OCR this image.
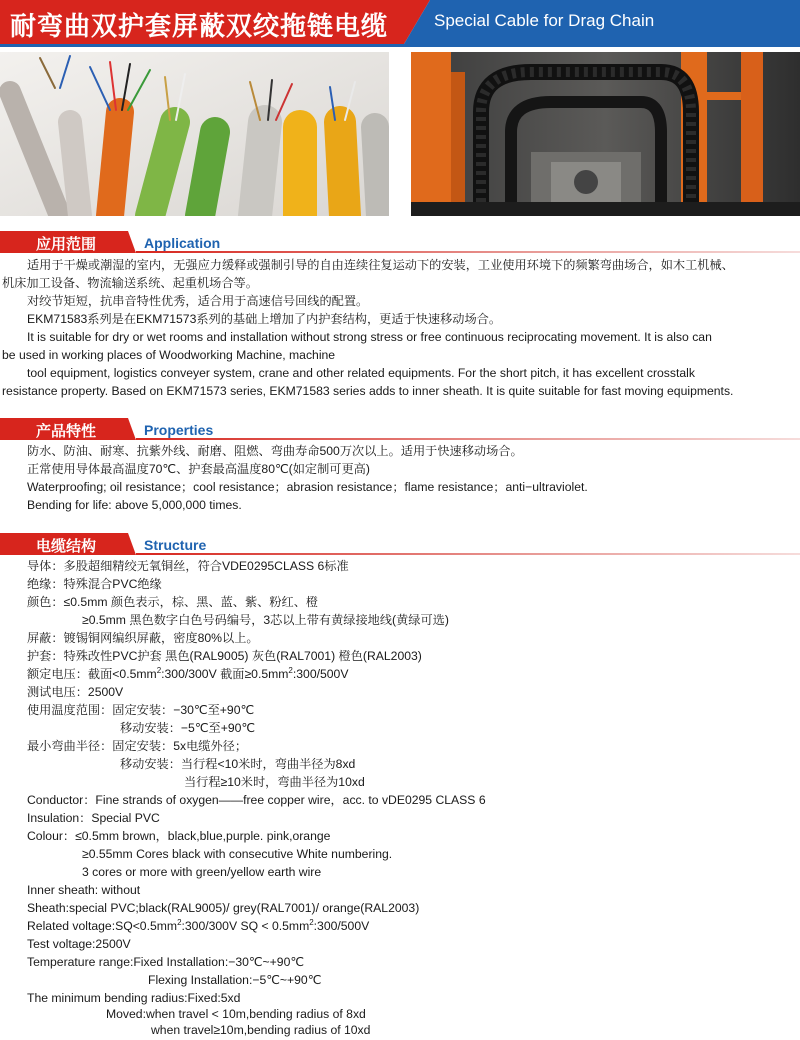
耐弯曲双护套屏蔽双绞拖链电缆	Special Cable for Drag Chain
应用范围	Application
适用于干燥或潮湿的室内，无强应力缓释或强制引导的自由连续往复运动下的安装，工业使用环境下的频繁弯曲场合，如木工机械、
机床加工设备、物流输送系统、起重机场合等。
对绞节矩短，抗串音特性优秀，适合用于高速信号回线的配置。
EKM71583系列是在EKM71573系列的基础上增加了内护套结构，更适于快速移动场合。
It is suitable for dry or wet rooms and installation without strong stress or free continuous reciprocating movement. It is also can
be used in working places of Woodworking Machine, machine
tool equipment, logistics conveyer system, crane and other related equipments. For the short pitch, it has excellent crosstalk
resistance property. Based on EKM71573 series, EKM71583 series adds to inner sheath. It is quite suitable for fast moving equipments.
产品特性	Properties
防水、防油、耐寒、抗紫外线、耐磨、阻燃、弯曲寿命500万次以上。适用于快速移动场合。
正常使用导体最高温度70℃、护套最高温度80℃(如定制可更高)
Waterproofing; oil resistance；cool resistance；abrasion resistance；flame resistance；anti−ultraviolet.
Bending for life: above 5,000,000 times.
电缆结构	Structure
导体：多股超细精绞无氧铜丝，符合VDE0295CLASS 6标准
绝缘：特殊混合PVC绝缘
颜色：≤0.5mm 颜色表示，棕、黑、蓝、紫、粉红、橙
≥0.5mm 黑色数字白色号码编号，3芯以上带有黄绿接地线(黄绿可选)
屏蔽：镀锡铜网编织屏蔽，密度80%以上。
护套：特殊改性PVC护套 黑色(RAL9005) 灰色(RAL7001) 橙色(RAL2003)
额定电压：截面$<0.5mm^2:300/300V$ 截面$\ge 0.5mm^2:300/500V$
测试电压：2500V
使用温度范围：固定安装：−30℃至+90℃
移动安装：−5℃至+90℃
最小弯曲半径：固定安装：5x电缆外径；
移动安装：当行程<10米时，弯曲半径为8xd
当行程≥10米时，弯曲半径为10xd
Conductor：Fine strands of oxygen——free copper wire，acc. to vDE0295 CLASS 6
Insulation：Special PVC
Colour：≤0.5mm brown，black,blue,purple. pink,orange
≥0.55mm Cores black with consecutive White numbering.
3 cores or more with green/yellow earth wire
Inner sheath: without
Sheath:special PVC;black(RAL9005)/ grey(RAL7001)/ orange(RAL2003)
Related $voltage:SQ<0.5mm^2:300/300V$ SQ < $0.5mm^2:300/500V$
Test voltage:2500V
Temperature range:Fixed Installation:−30℃~+90℃
Flexing Installation:−5℃~+90℃
The minimum bending radius:Fixed:5xd
Moved:when travel < 10m,bending radius of 8xd
when travel≥10m,bending radius of 10xd
